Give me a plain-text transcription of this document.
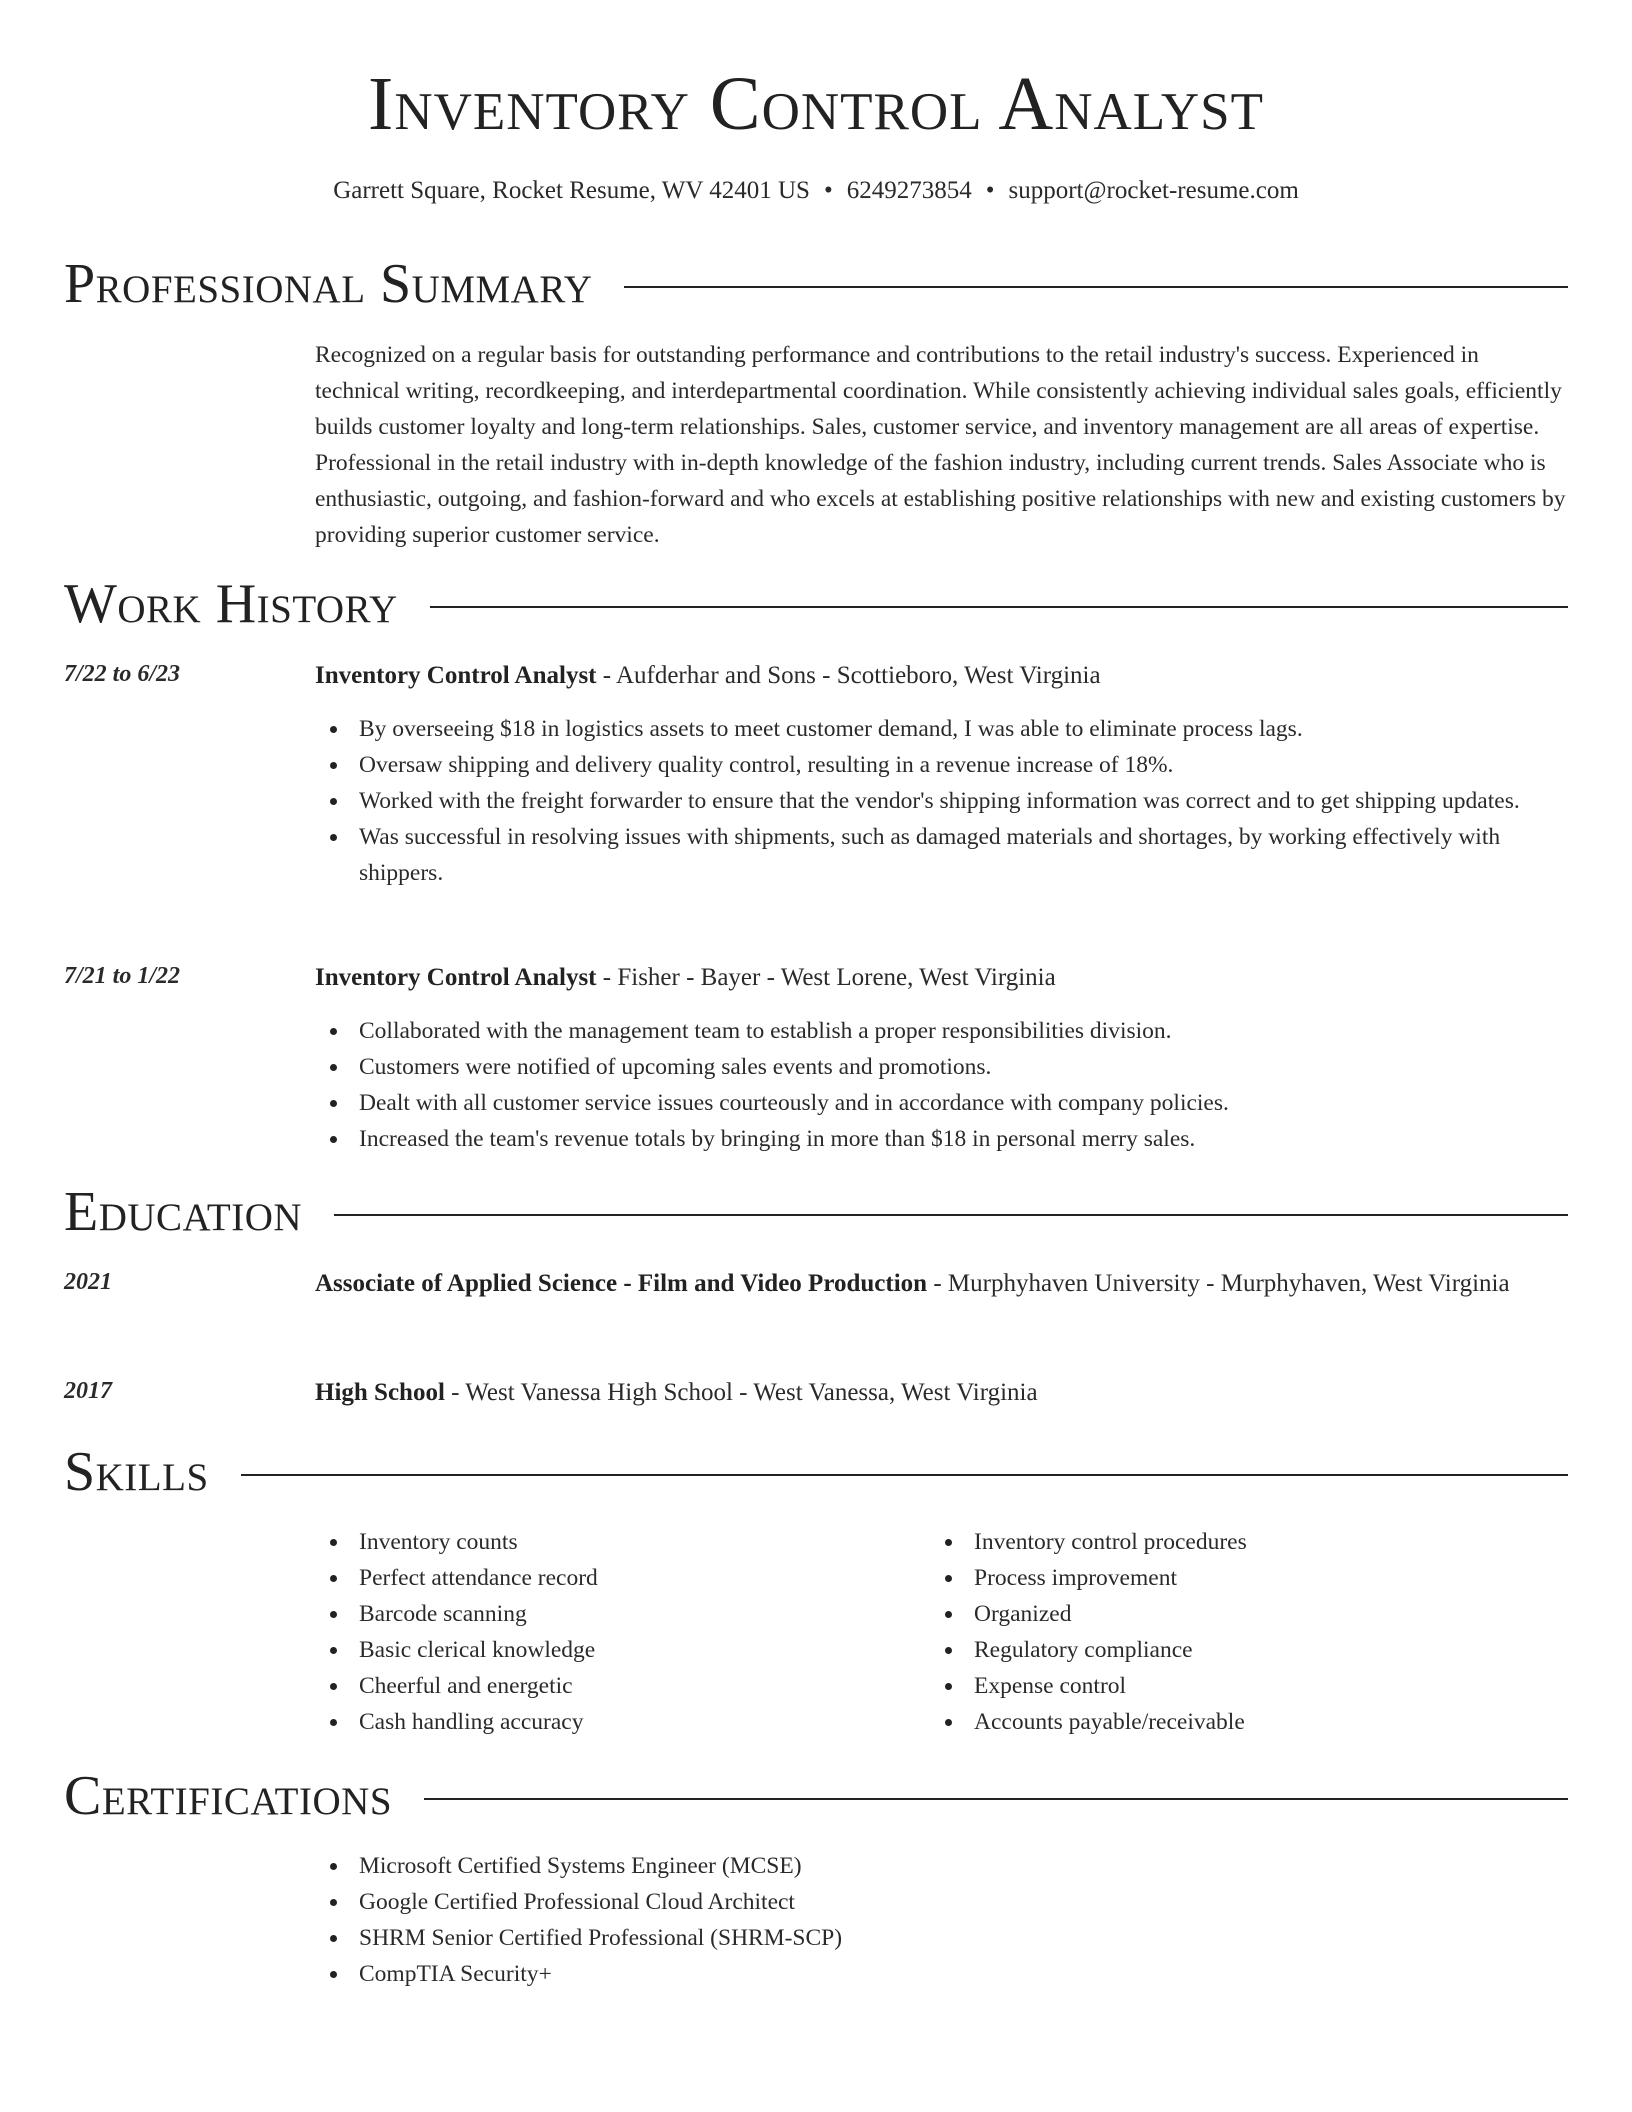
Inventory Control Analyst
Garrett Square, Rocket Resume, WV 42401 US • 6249273854 • support@rocket-resume.com
Professional Summary

Recognized on a regular basis for outstanding performance and contributions to the retail industry's success. Experienced in technical writing, recordkeeping, and interdepartmental coordination. While consistently achieving individual sales goals, efficiently builds customer loyalty and long-term relationships. Sales, customer service, and inventory management are all areas of expertise. Professional in the retail industry with in-depth knowledge of the fashion industry, including current trends. Sales Associate who is enthusiastic, outgoing, and fashion-forward and who excels at establishing positive relationships with new and existing customers by providing superior customer service.

Work History
7/22 to 6/23	Inventory Control Analyst - Aufderhar and Sons - Scottieboro, West Virginia
By overseeing $18 in logistics assets to meet customer demand, I was able to eliminate process lags.
Oversaw shipping and delivery quality control, resulting in a revenue increase of 18%.
Worked with the freight forwarder to ensure that the vendor's shipping information was correct and to get shipping updates.
Was successful in resolving issues with shipments, such as damaged materials and shortages, by working effectively with shippers.
7/21 to 1/22	Inventory Control Analyst - Fisher - Bayer - West Lorene, West Virginia
Collaborated with the management team to establish a proper responsibilities division.
Customers were notified of upcoming sales events and promotions.
Dealt with all customer service issues courteously and in accordance with company policies.
Increased the team's revenue totals by bringing in more than $18 in personal merry sales.
Education
2021	Associate of Applied Science - Film and Video Production - Murphyhaven University - Murphyhaven, West Virginia
2017	High School - West Vanessa High School - West Vanessa, West Virginia
Skills
Inventory counts
Perfect attendance record
Barcode scanning
Basic clerical knowledge
Cheerful and energetic
Cash handling accuracy
Inventory control procedures
Process improvement
Organized
Regulatory compliance
Expense control
Accounts payable/receivable
Certifications
Microsoft Certified Systems Engineer (MCSE)
Google Certified Professional Cloud Architect
SHRM Senior Certified Professional (SHRM-SCP)
CompTIA Security+
